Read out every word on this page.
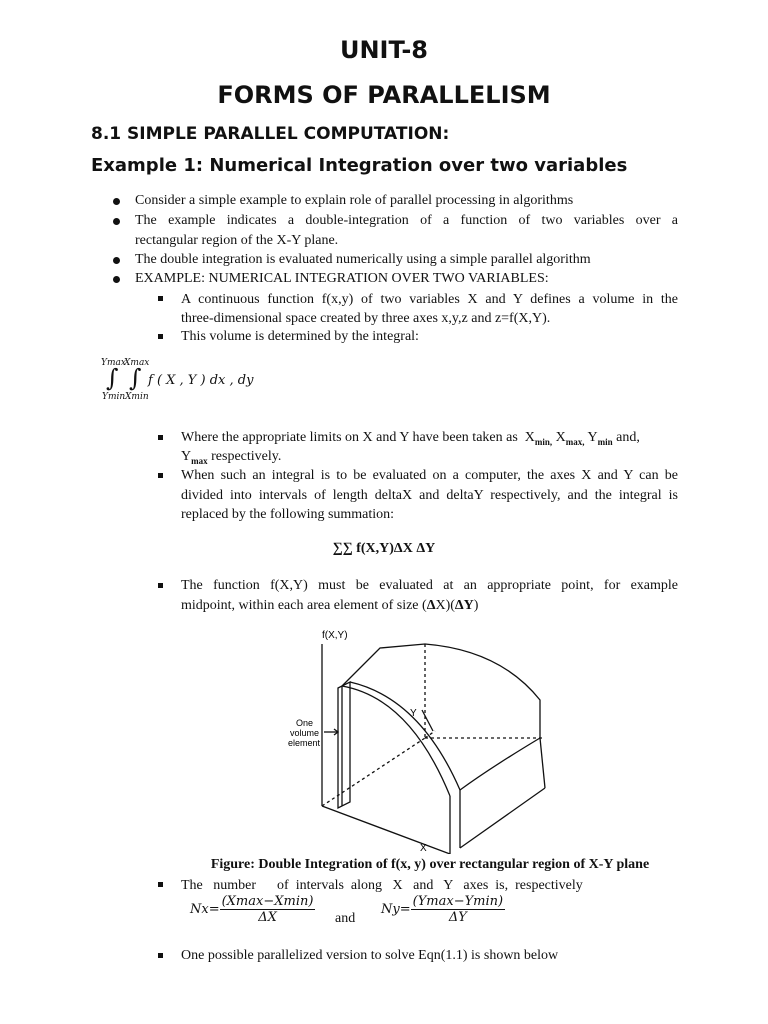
UNIT-8
FORMS OF PARALLELISM
8.1 SIMPLE PARALLEL COMPUTATION:
Example 1: Numerical Integration over two variables
Consider a simple example to explain role of parallel processing in algorithms
The example indicates a double-integration of a function of two variables over a
rectangular region of the X-Y plane.
The double integration is evaluated numerically using a simple parallel algorithm
EXAMPLE: NUMERICAL INTEGRATION OVER TWO VARIABLES:
A continuous function f(x,y) of two variables X and Y defines a volume in the
three-dimensional space created by three axes x,y,z and z=f(X,Y).
This volume is determined by the integral:
Ymax
Xmax
∫ ∫
Ymin Xmin
f ( X , Y ) dx , dy
Where the appropriate limits on X and Y have been taken as $X_{min,}$ $X_{max,}$ $Y_{min}$ and,
$Y_{max}$ respectively.
When such an integral is to be evaluated on a computer, the axes X and Y can be
divided into intervals of length deltaX and deltaY respectively, and the integral is
replaced by the following summation:
∑∑ f(X,Y)ΔX ΔY
The function f(X,Y) must be evaluated at an appropriate point, for example
midpoint, within each area element of size (ΔX)(ΔY)
f(X,Y)
Y
X
One
volume
element
Figure: Double Integration of f(x, y) over rectangular region of X-Y plane
The   number      of  intervals  along   X   and   Y   axes  is,  respectively
$Nx= \frac{(Xmax-Xmin)}{\Delta X}$ and
$Ny= \frac{(Ymax-Ymin)}{\Delta Y}$
One possible parallelized version to solve Eqn(1.1) is shown below
